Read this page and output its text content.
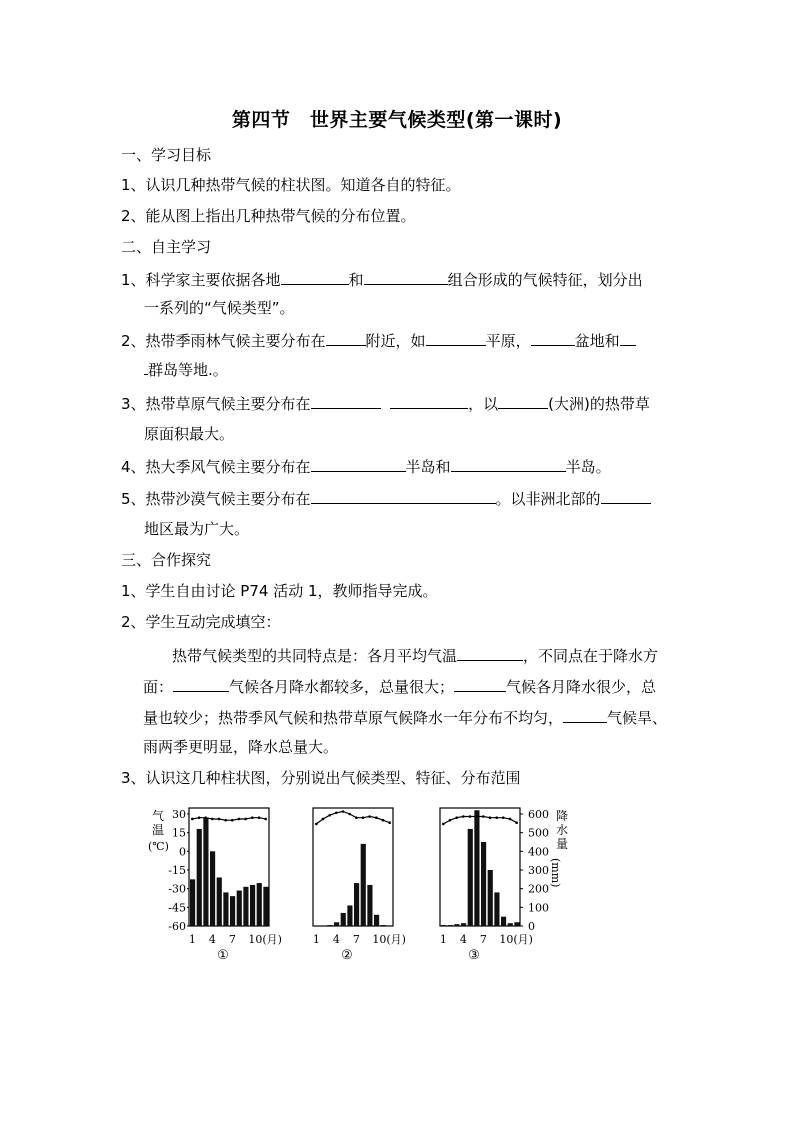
第四节　世界主要气候类型(第一课时)
一、学习目标
1、认识几种热带气候的柱状图。知道各自的特征。
2、能从图上指出几种热带气候的分布位置。
二、自主学习
1、科学家主要依据各地	和	组合形成的气候特征，划分出
一系列的“气候类型”。
2、热带季雨林气候主要分布在	附近，如	平原，	盆地和
群岛等地.。
3、热带草原气候主要分布在	，以	(大洲)的热带草
原面积最大。
4、热大季风气候主要分布在	半岛和	半岛。
5、热带沙漠气候主要分布在	。以非洲北部的
地区最为广大。
三、合作探究
1、学生自由讨论 P74 活动 1，教师指导完成。
2、学生互动完成填空：
热带气候类型的共同特点是：各月平均气温	，不同点在于降水方
面：	气候各月降水都较多，总量很大；	气候各月降水很少，总
量也较少；热带季风气候和热带草原气候降水一年分布不均匀，	气候旱、
雨两季更明显，降水总量大。
3、认识这几种柱状图，分别说出气候类型、特征、分布范围
气
温
(℃)
30
15
0
-15
-30
-45
-60
600
500
400
300
200
100
0
降
水
量
(mm)
1 4 7 10(月)
①
1 4 7 10(月)
②
1 4 7 10(月)
③
